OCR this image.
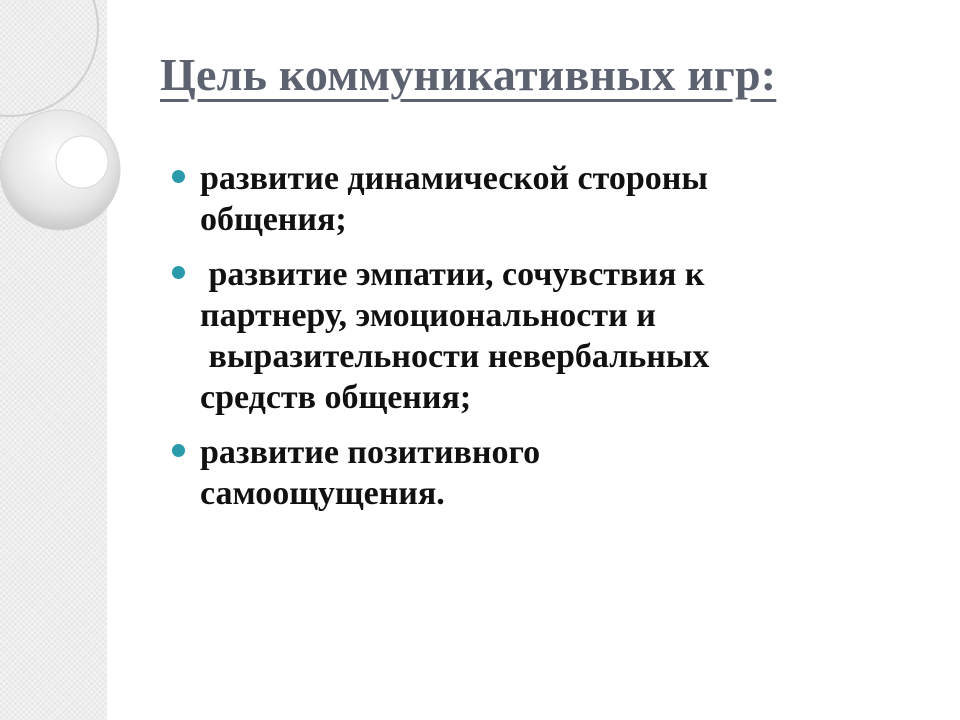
Цель коммуникативных игр:
развитие динамической стороны
общения;
развитие эмпатии, сочувствия к
партнеру, эмоциональности и
выразительности невербальных
средств общения;
развитие позитивного
самоощущения.
